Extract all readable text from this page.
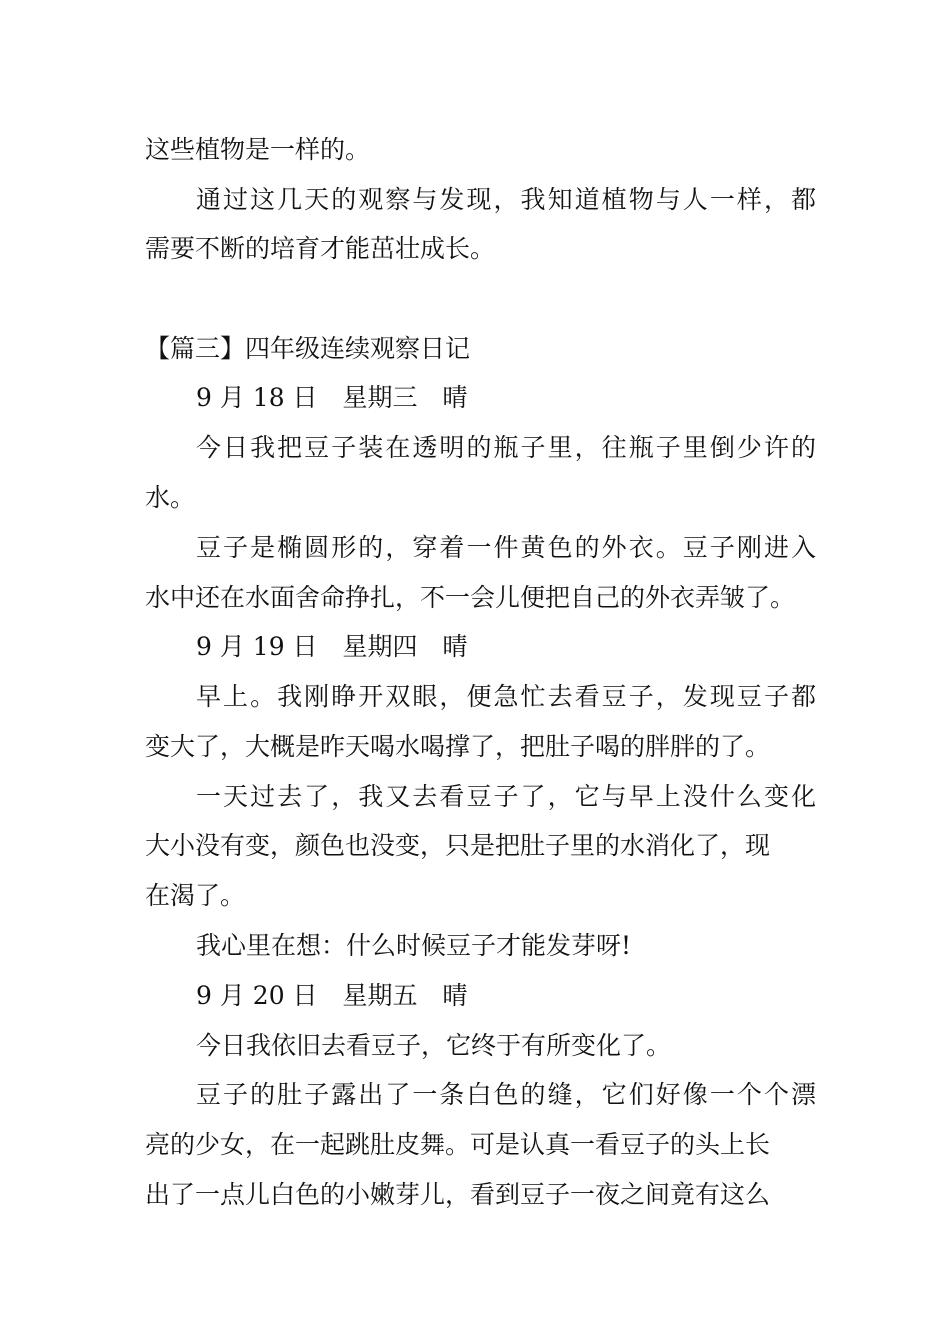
这些植物是一样的。
通过这几天的观察与发现，我知道植物与人一样，都
需要不断的培育才能茁壮成长。
【篇三】四年级连续观察日记
9 月 18 日　星期三　晴
今日我把豆子装在透明的瓶子里，往瓶子里倒少许的
水。
豆子是椭圆形的，穿着一件黄色的外衣。豆子刚进入
水中还在水面舍命挣扎，不一会儿便把自己的外衣弄皱了。
9 月 19 日　星期四　晴
早上。我刚睁开双眼，便急忙去看豆子，发现豆子都
变大了，大概是昨天喝水喝撑了，把肚子喝的胖胖的了。
一天过去了，我又去看豆子了，它与早上没什么变化
大小没有变，颜色也没变，只是把肚子里的水消化了，现
在渴了。
我心里在想：什么时候豆子才能发芽呀!
9 月 20 日　星期五　晴
今日我依旧去看豆子，它终于有所变化了。
豆子的肚子露出了一条白色的缝，它们好像一个个漂
亮的少女，在一起跳肚皮舞。可是认真一看豆子的头上长
出了一点儿白色的小嫩芽儿，看到豆子一夜之间竟有这么
